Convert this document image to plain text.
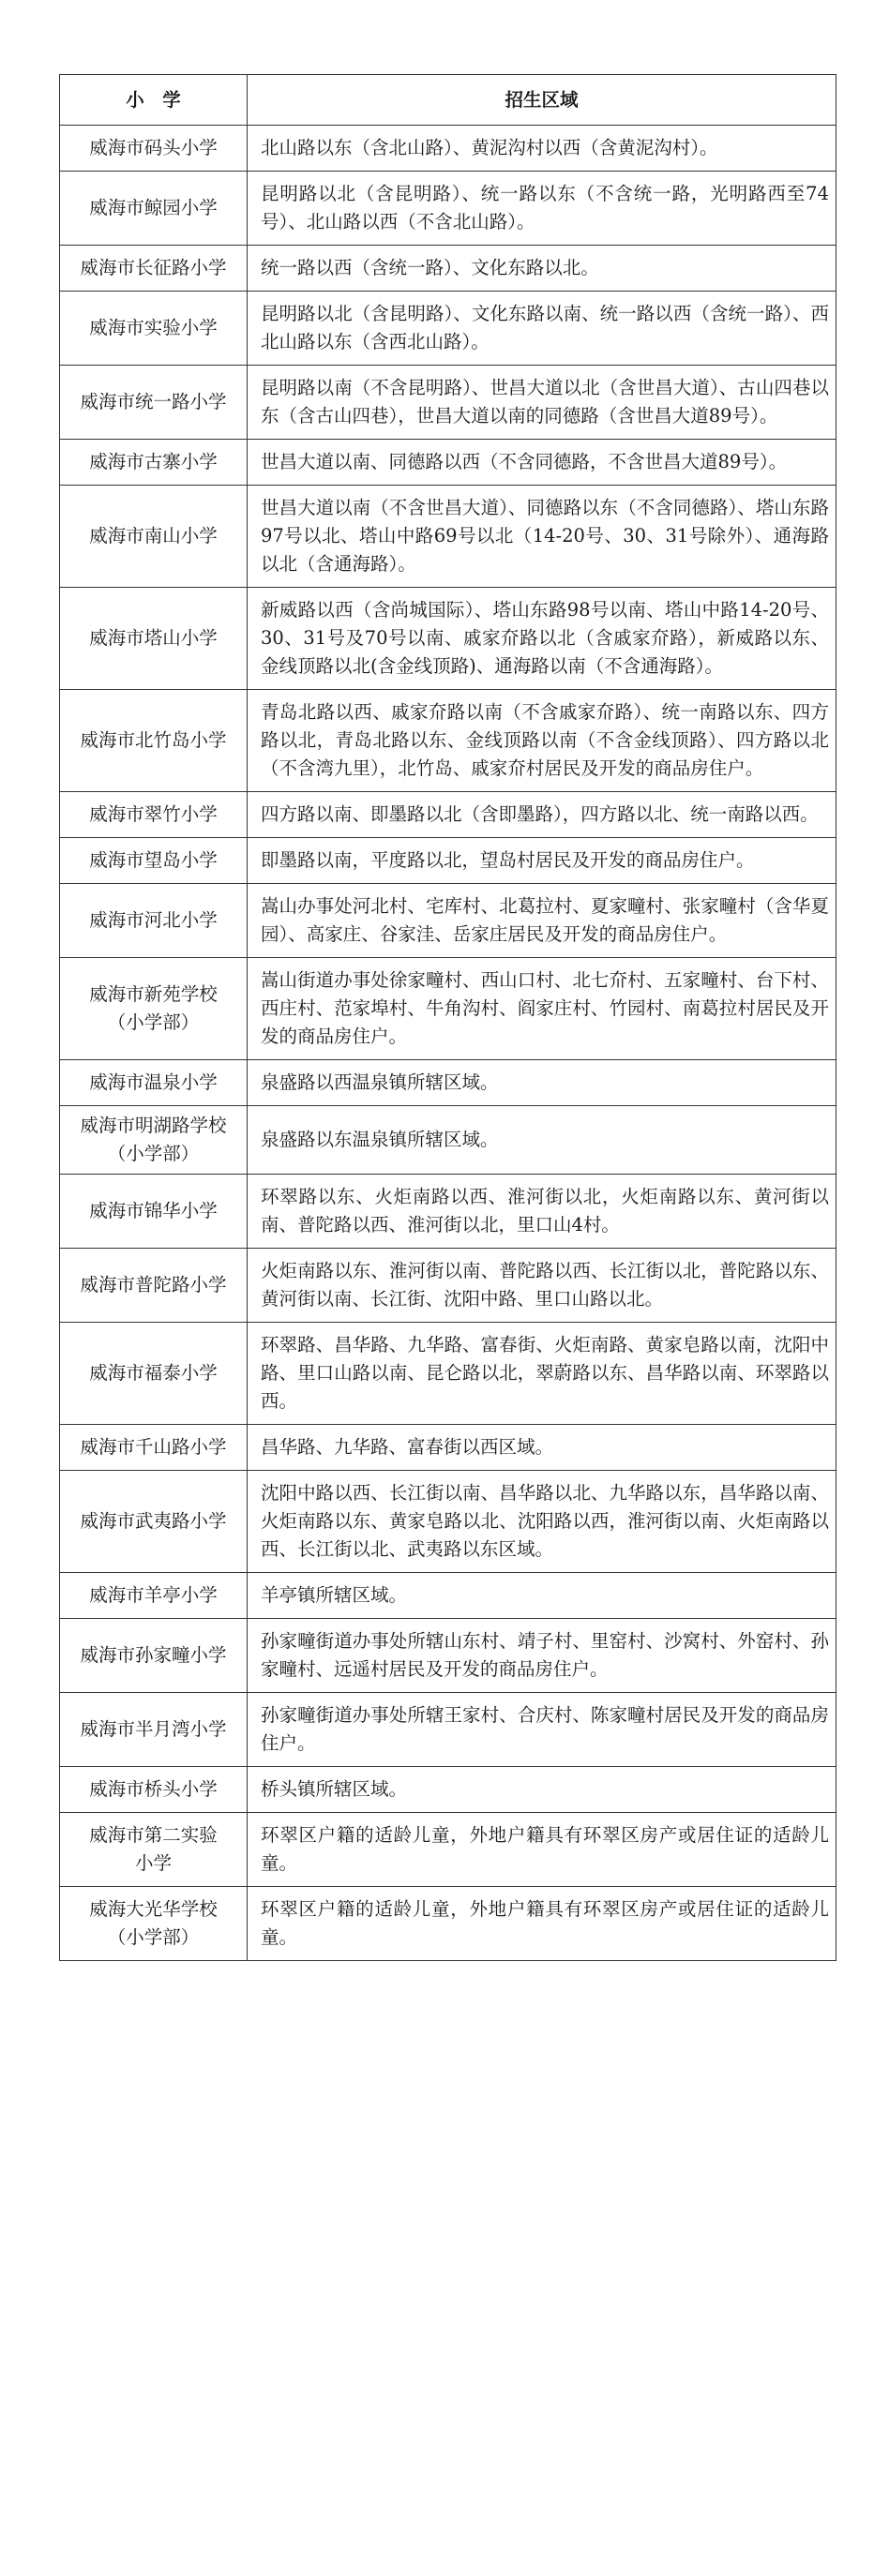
小　学	招生区域
威海市码头小学	北山路以东（含北山路）、黄泥沟村以西（含黄泥沟村）。
威海市鲸园小学	昆明路以北（含昆明路）、统一路以东（不含统一路，光明路西至74号）、北山路以西（不含北山路）。
威海市长征路小学	统一路以西（含统一路）、文化东路以北。
威海市实验小学	昆明路以北（含昆明路）、文化东路以南、统一路以西（含统一路）、西北山路以东（含西北山路）。
威海市统一路小学	昆明路以南（不含昆明路）、世昌大道以北（含世昌大道）、古山四巷以东（含古山四巷），世昌大道以南的同德路（含世昌大道89号）。
威海市古寨小学	世昌大道以南、同德路以西（不含同德路，不含世昌大道89号）。
威海市南山小学	世昌大道以南（不含世昌大道）、同德路以东（不含同德路）、塔山东路97号以北、塔山中路69号以北（14-20号、30、31号除外）、通海路以北（含通海路）。
威海市塔山小学	新威路以西（含尚城国际）、塔山东路98号以南、塔山中路14-20号、30、31号及70号以南、戚家夼路以北（含戚家夼路），新威路以东、金线顶路以北(含金线顶路)、通海路以南（不含通海路）。
威海市北竹岛小学	青岛北路以西、戚家夼路以南（不含戚家夼路）、统一南路以东、四方路以北，青岛北路以东、金线顶路以南（不含金线顶路）、四方路以北（不含湾九里），北竹岛、戚家夼村居民及开发的商品房住户。
威海市翠竹小学	四方路以南、即墨路以北（含即墨路），四方路以北、统一南路以西。
威海市望岛小学	即墨路以南，平度路以北，望岛村居民及开发的商品房住户。
威海市河北小学	嵩山办事处河北村、宅库村、北葛拉村、夏家疃村、张家疃村（含华夏园）、高家庄、谷家洼、岳家庄居民及开发的商品房住户。
威海市新苑学校
（小学部）	嵩山街道办事处徐家疃村、西山口村、北七夼村、五家疃村、台下村、西庄村、范家埠村、牛角沟村、阎家庄村、竹园村、南葛拉村居民及开发的商品房住户。
威海市温泉小学	泉盛路以西温泉镇所辖区域。
威海市明湖路学校
（小学部）	泉盛路以东温泉镇所辖区域。
威海市锦华小学	环翠路以东、火炬南路以西、淮河街以北，火炬南路以东、黄河街以南、普陀路以西、淮河街以北，里口山4村。
威海市普陀路小学	火炬南路以东、淮河街以南、普陀路以西、长江街以北，普陀路以东、黄河街以南、长江街、沈阳中路、里口山路以北。
威海市福泰小学	环翠路、昌华路、九华路、富春街、火炬南路、黄家皂路以南，沈阳中路、里口山路以南、昆仑路以北，翠蔚路以东、昌华路以南、环翠路以西。
威海市千山路小学	昌华路、九华路、富春街以西区域。
威海市武夷路小学	沈阳中路以西、长江街以南、昌华路以北、九华路以东，昌华路以南、火炬南路以东、黄家皂路以北、沈阳路以西，淮河街以南、火炬南路以西、长江街以北、武夷路以东区域。
威海市羊亭小学	羊亭镇所辖区域。
威海市孙家疃小学	孙家疃街道办事处所辖山东村、靖子村、里窑村、沙窝村、外窑村、孙家疃村、远遥村居民及开发的商品房住户。
威海市半月湾小学	孙家疃街道办事处所辖王家村、合庆村、陈家疃村居民及开发的商品房住户。
威海市桥头小学	桥头镇所辖区域。
威海市第二实验
小学	环翠区户籍的适龄儿童，外地户籍具有环翠区房产或居住证的适龄儿童。
威海大光华学校
（小学部）	环翠区户籍的适龄儿童，外地户籍具有环翠区房产或居住证的适龄儿童。
